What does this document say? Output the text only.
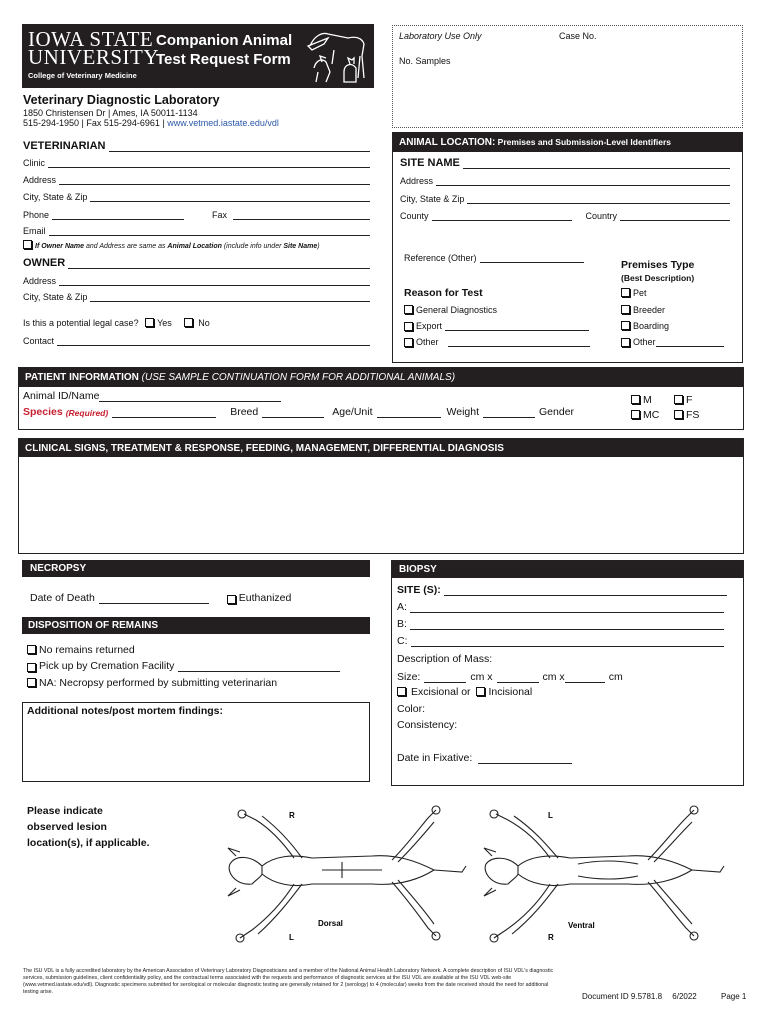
IOWA STATE
UNIVERSITY
College of Veterinary Medicine
Companion Animal
Test Request Form
Veterinary Diagnostic Laboratory
1850 Christensen Dr | Ames, IA 50011-1134
515-294-1950 | Fax 515-294-6961 | www.vetmed.iastate.edu/vdl
Laboratory Use Only	Case No.
No. Samples
VETERINARIAN
Clinic
Address
City, State & Zip
Phone	Fax
Email
If Owner Name and Address are same as Animal Location (include info under Site Name)
OWNER
Address
City, State & Zip
Is this a potential legal case? Yes	No
Contact
ANIMAL LOCATION: Premises and Submission-Level Identifiers
SITE NAME
Address
City, State & Zip
County	Country
Reference (Other)
Reason for Test
General Diagnostics
Export
Other
Premises Type
(Best Description)
Pet
Breeder
Boarding
Other
PATIENT INFORMATION (USE SAMPLE CONTINUATION FORM FOR ADDITIONAL ANIMALS)
Animal ID/Name
Species (Required)	Breed	Age/Unit	Weight	Gender
M	F
MC	FS
CLINICAL SIGNS, TREATMENT & RESPONSE, FEEDING, MANAGEMENT, DIFFERENTIAL DIAGNOSIS
NECROPSY
Date of Death	Euthanized
DISPOSITION OF REMAINS
No remains returned
Pick up by Cremation Facility
NA: Necropsy performed by submitting veterinarian
Additional notes/post mortem findings:
BIOPSY
SITE (S):
A:
B:
C:
Description of Mass:
Size:	cm x	cm x	cm
Excisional or Incisional
Color:
Consistency:
Date in Fixative:
Please indicate
observed lesion
location(s), if applicable.
Dorsal
R
L
Ventral
L
R
The ISU VDL is a fully accredited laboratory by the American Association of Veterinary Laboratory Diagnosticians and a member of the National Animal Health Laboratory Network. A complete description of ISU VDL's diagnostic services, submission guidelines, client confidentiality policy, and the contractual terms associated with the requests and performance of diagnostic services at the ISU VDL are available at the ISU VDL web-site (www.vetmed.iastate.edu/vdl). Diagnostic specimens submitted for serological or molecular diagnostic testing are generally retained for 2 (serology) to 4 (molecular) weeks from the date received should the need for additional testing arise.	Document ID 9.5781.8 6/2022	Page 1
